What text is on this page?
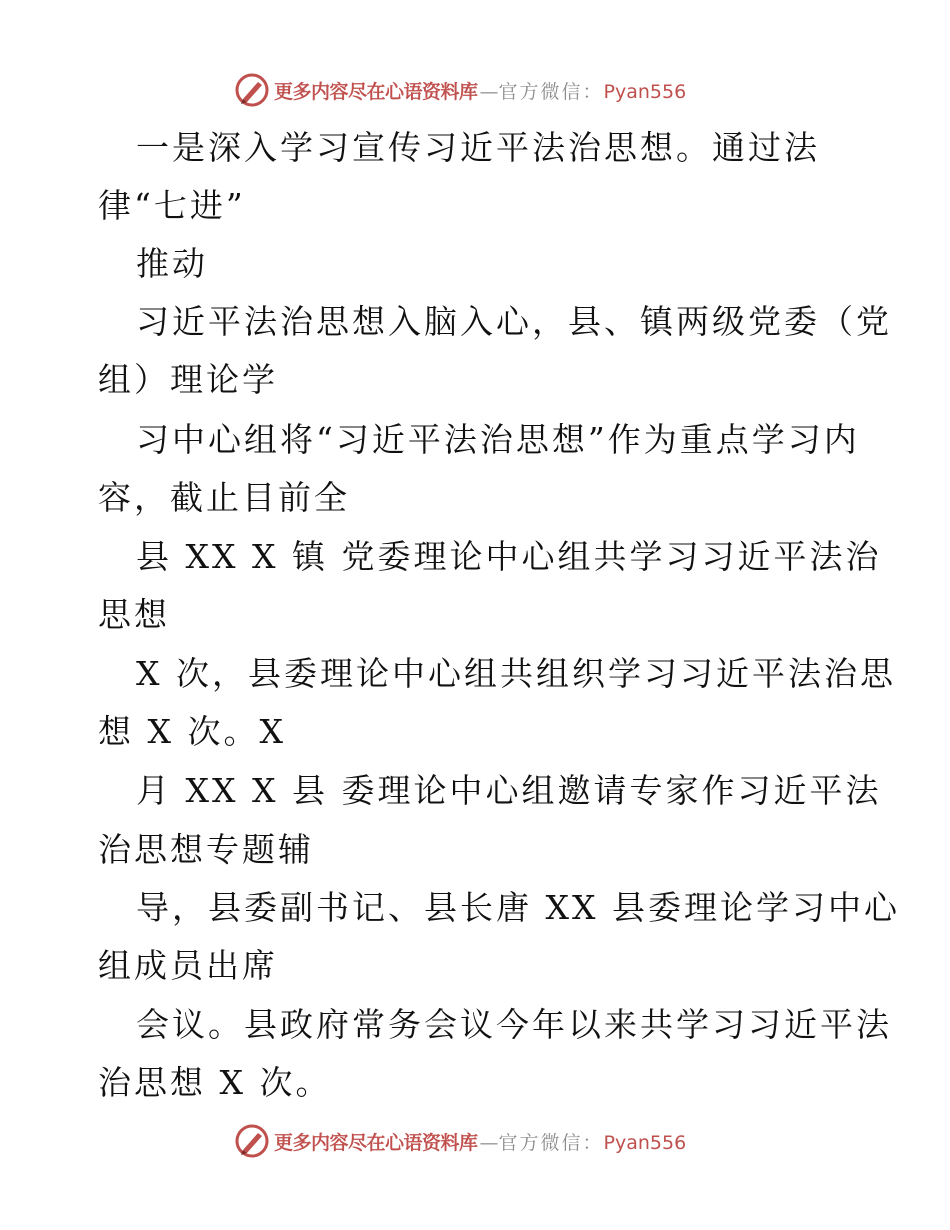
更多内容尽在心语资料库 — 官方微信：Pyan556
一是深入学习宣传习近平法治思想。通过法
律“七进”
推动
习近平法治思想入脑入心，县、镇两级党委（党
组）理论学
习中心组将“习近平法治思想”作为重点学习内
容，截止目前全
县 XX X 镇 党委理论中心组共学习习近平法治
思想
X 次，县委理论中心组共组织学习习近平法治思
想 X 次。X
月 XX X 县 委理论中心组邀请专家作习近平法
治思想专题辅
导，县委副书记、县长唐 XX 县委理论学习中心
组成员出席
会议。县政府常务会议今年以来共学习习近平法
治思想 X 次。
更多内容尽在心语资料库 — 官方微信：Pyan556
